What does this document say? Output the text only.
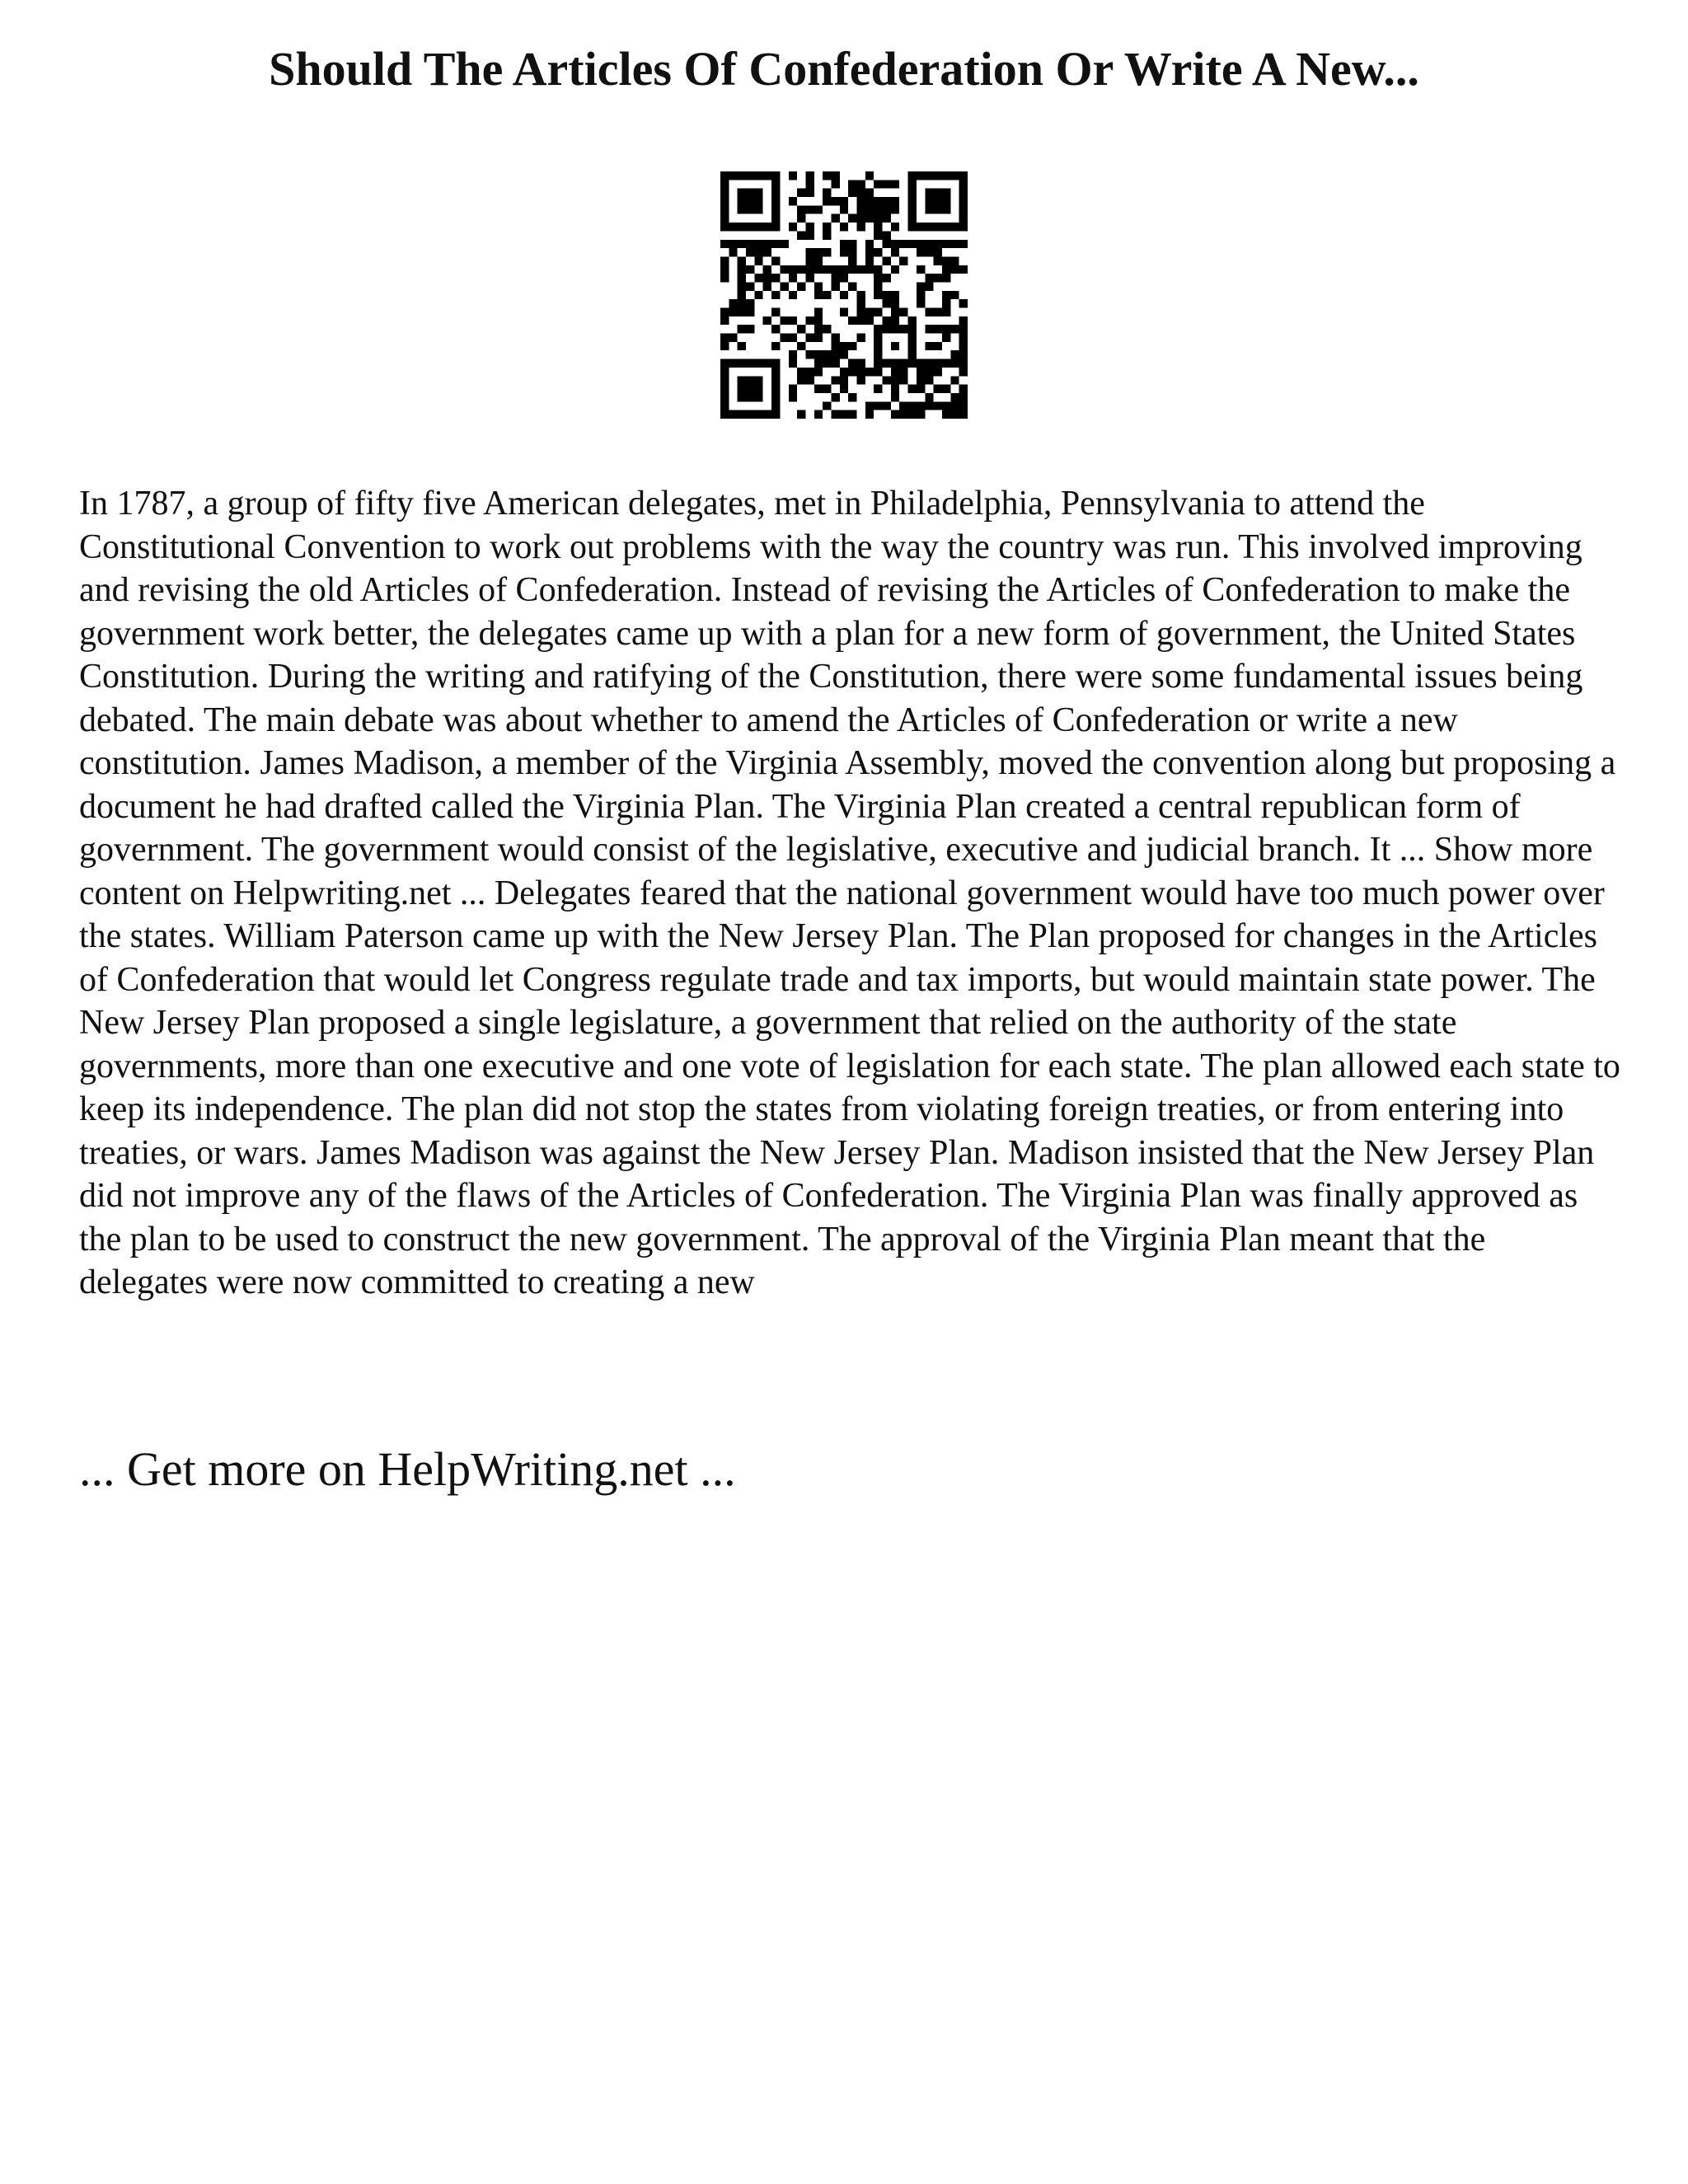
Should The Articles Of Confederation Or Write A New...

In 1787, a group of fifty five American delegates, met in Philadelphia, Pennsylvania to attend the Constitutional Convention to work out problems with the way the country was run. This involved improving and revising the old Articles of Confederation. Instead of revising the Articles of Confederation to make the government work better, the delegates came up with a plan for a new form of government, the United States Constitution. During the writing and ratifying of the Constitution, there were some fundamental issues being debated. The main debate was about whether to amend the Articles of Confederation or write a new constitution. James Madison, a member of the Virginia Assembly, moved the convention along but proposing a document he had drafted called the Virginia Plan. The Virginia Plan created a central republican form of government. The government would consist of the legislative, executive and judicial branch. It ... Show more content on Helpwriting.net ... Delegates feared that the national government would have too much power over the states. William Paterson came up with the New Jersey Plan. The Plan proposed for changes in the Articles of Confederation that would let Congress regulate trade and tax imports, but would maintain state power. The New Jersey Plan proposed a single legislature, a government that relied on the authority of the state governments, more than one executive and one vote of legislation for each state. The plan allowed each state to keep its independence. The plan did not stop the states from violating foreign treaties, or from entering into treaties, or wars. James Madison was against the New Jersey Plan. Madison insisted that the New Jersey Plan did not improve any of the flaws of the Articles of Confederation. The Virginia Plan was finally approved as the plan to be used to construct the new government. The approval of the Virginia Plan meant that the delegates were now committed to creating a new

... Get more on HelpWriting.net ...
